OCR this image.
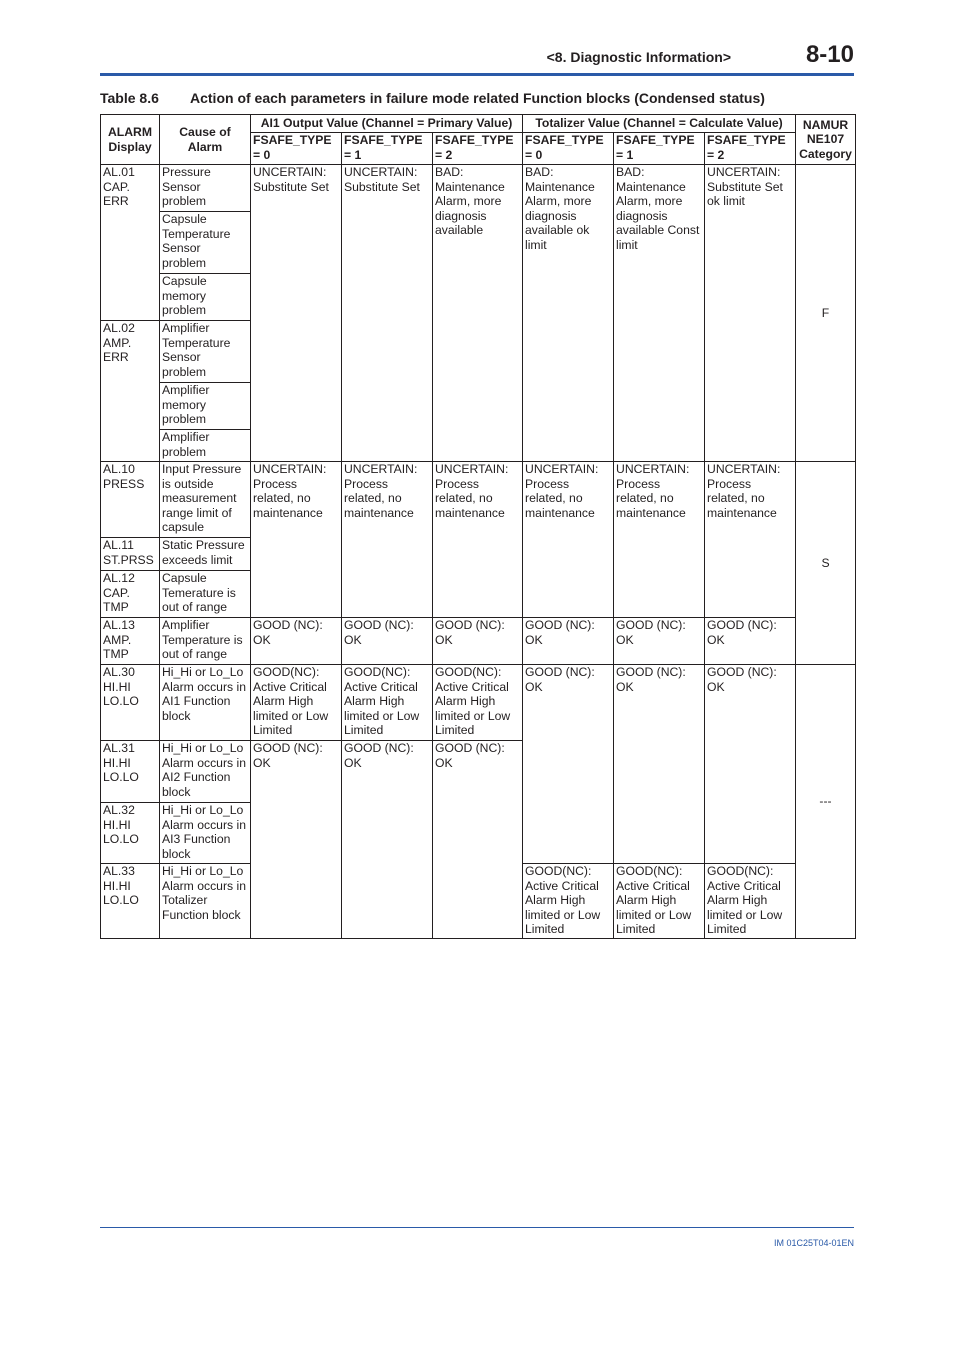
<8. Diagnostic Information>	8-10
Table 8.6 Action of each parameters in failure mode related Function blocks (Condensed status)
ALARM Display	Cause of Alarm	AI1 Output Value (Channel = Primary Value)			Totalizer Value (Channel = Calculate Value)			NAMUR NE107 Category
		FSAFE_TYPE = 0	FSAFE_TYPE = 1	FSAFE_TYPE = 2	FSAFE_TYPE = 0	FSAFE_TYPE = 1	FSAFE_TYPE = 2	
AL.01 CAP. ERR	Pressure Sensor problem	UNCERTAIN: Substitute Set	UNCERTAIN: Substitute Set	BAD: Maintenance Alarm, more diagnosis available	BAD: Maintenance Alarm, more diagnosis available ok limit	BAD: Maintenance Alarm, more diagnosis available Const limit	UNCERTAIN: Substitute Set ok limit	F
	Capsule Temperature Sensor problem							
	Capsule memory problem							
AL.02 AMP. ERR	Amplifier Temperature Sensor problem							
	Amplifier memory problem							
	Amplifier problem							
AL.10 PRESS	Input Pressure is outside measurement range limit of capsule	UNCERTAIN: Process related, no maintenance	UNCERTAIN: Process related, no maintenance	UNCERTAIN: Process related, no maintenance	UNCERTAIN: Process related, no maintenance	UNCERTAIN: Process related, no maintenance	UNCERTAIN: Process related, no maintenance	S
AL.11 ST.PRSS	Static Pressure exceeds limit							
AL.12 CAP. TMP	Capsule Temerature is out of range							
AL.13 AMP. TMP	Amplifier Temperature is out of range	GOOD (NC): OK	GOOD (NC): OK	GOOD (NC): OK	GOOD (NC): OK	GOOD (NC): OK	GOOD (NC): OK	
AL.30 HI.HI LO.LO	Hi_Hi or Lo_Lo Alarm occurs in AI1 Function block	GOOD(NC): Active Critical Alarm High limited or Low Limited	GOOD(NC): Active Critical Alarm High limited or Low Limited	GOOD(NC): Active Critical Alarm High limited or Low Limited	GOOD (NC): OK	GOOD (NC): OK	GOOD (NC): OK	---
AL.31 HI.HI LO.LO	Hi_Hi or Lo_Lo Alarm occurs in AI2 Function block	GOOD (NC): OK	GOOD (NC): OK	GOOD (NC): OK				
AL.32 HI.HI LO.LO	Hi_Hi or Lo_Lo Alarm occurs in AI3 Function block							
AL.33 HI.HI LO.LO	Hi_Hi or Lo_Lo Alarm occurs in Totalizer Function block				GOOD(NC): Active Critical Alarm High limited or Low Limited	GOOD(NC): Active Critical Alarm High limited or Low Limited	GOOD(NC): Active Critical Alarm High limited or Low Limited	
IM 01C25T04-01EN
